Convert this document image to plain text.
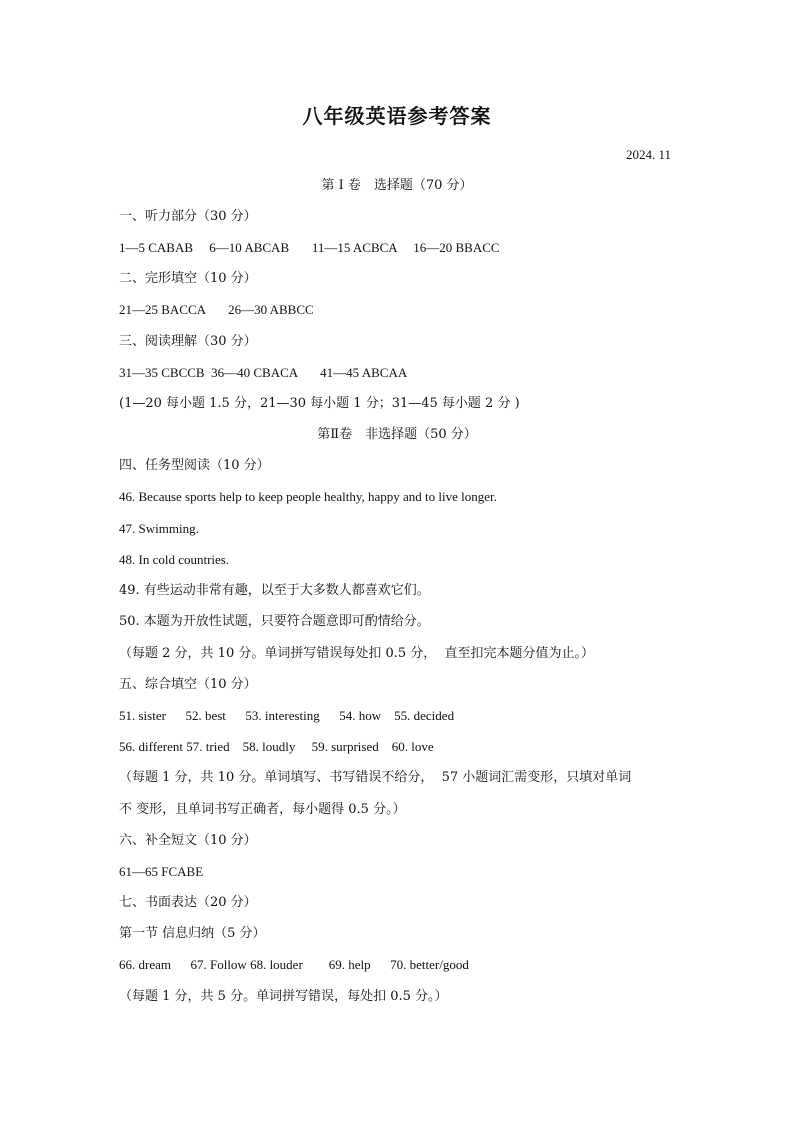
八年级英语参考答案
2024. 11
第 I 卷　选择题（70 分）
一、听力部分（30 分）
1—5 CABAB     6—10 ABCAB       11—15 ACBCA     16—20 BBACC
二、完形填空（10 分）
21—25 BACCA       26—30 ABBCC
三、阅读理解（30 分）
31—35 CBCCB  36—40 CBACA       41—45 ABCAA
(1—20 每小题 1.5 分，21—30 每小题 1 分；31—45 每小题 2 分 )
第Ⅱ卷　非选择题（50 分）
四、任务型阅读（10 分）
46. Because sports help to keep people healthy, happy and to live longer.
47. Swimming.
48. In cold countries.
49. 有些运动非常有趣，以至于大多数人都喜欢它们。
50. 本题为开放性试题，只要符合题意即可酌情给分。
（每题 2 分，共 10 分。单词拼写错误每处扣 0.5 分，  直至扣完本题分值为止。）
五、综合填空（10 分）
51. sister      52. best      53. interesting      54. how    55. decided
56. different 57. tried    58. loudly     59. surprised    60. love
（每题 1 分，共 10 分。单词填写、书写错误不给分，  57 小题词汇需变形，只填对单词
不 变形，且单词书写正确者，每小题得 0.5 分。）
六、补全短文（10 分）
61—65 FCABE
七、书面表达（20 分）
第一节 信息归纳（5 分）
66. dream      67. Follow 68. louder        69. help      70. better/good
（每题 1 分，共 5 分。单词拼写错误，每处扣 0.5 分。）
